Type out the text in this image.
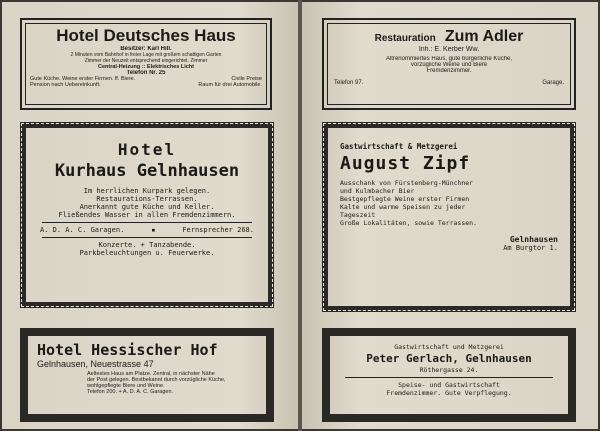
Hotel Deutsches Haus
Besitzer: Karl Hill.
2 Minuten vom Bahnhof in freier Lage mit großem schattigen Garten
Zimmer der Neuzeit entsprechend eingerichtet. Zimmer
Central-Heizung :: Elektrisches Licht
Telefon Nr. 25
Gute Küche. Weine erster Firmen. ff. Biere.	Civile Preise
Pension nach Uebereinkunft.	Raum für drei Automobile.
Hotel
Kurhaus Gelnhausen
Im herrlichen Kurpark gelegen.
Restaurations-Terrassen.
Anerkannt gute Küche und Keller.
Fließendes Wasser in allen Fremdenzimmern.
A. D. A. C. Garagen.	▪	Fernsprecher 268.
Konzerte. + Tanzabende.
Parkbeleuchtungen u. Feuerwerke.
Hotel Hessischer Hof
Gelnhausen, Neuestrasse 47
Aeltestes Haus am Platze. Zentral, in nächster Nähe
der Post gelegen. Bestbekannt durch vorzügliche Küche,
wohlgepflegte Biere und Weine.
Telefon 200. + A. D. A. C. Garagen.
Restauration Zum Adler
Inh.: E. Kerber Ww.
Altrenommiertes Haus, gute bürgerliche Küche,
vorzügliche Weine und Biere
Fremdenzimmer.
Telefon 97.	Garage.
Gastwirtschaft & Metzgerei
August Zipf
Ausschank von Fürstenberg-Münchner
und Kulmbacher Bier
Bestgepflegte Weine erster Firmen
Kalte und warme Speisen zu jeder
Tageszeit
Große Lokalitäten, sowie Terrassen.
Gelnhausen
Am Burgtor 1.
Gastwirtschaft und Metzgerei
Peter Gerlach, Gelnhausen
Röthergasse 24.
Speise- und Gastwirtschaft
Fremdenzimmer. Gute Verpflegung.
